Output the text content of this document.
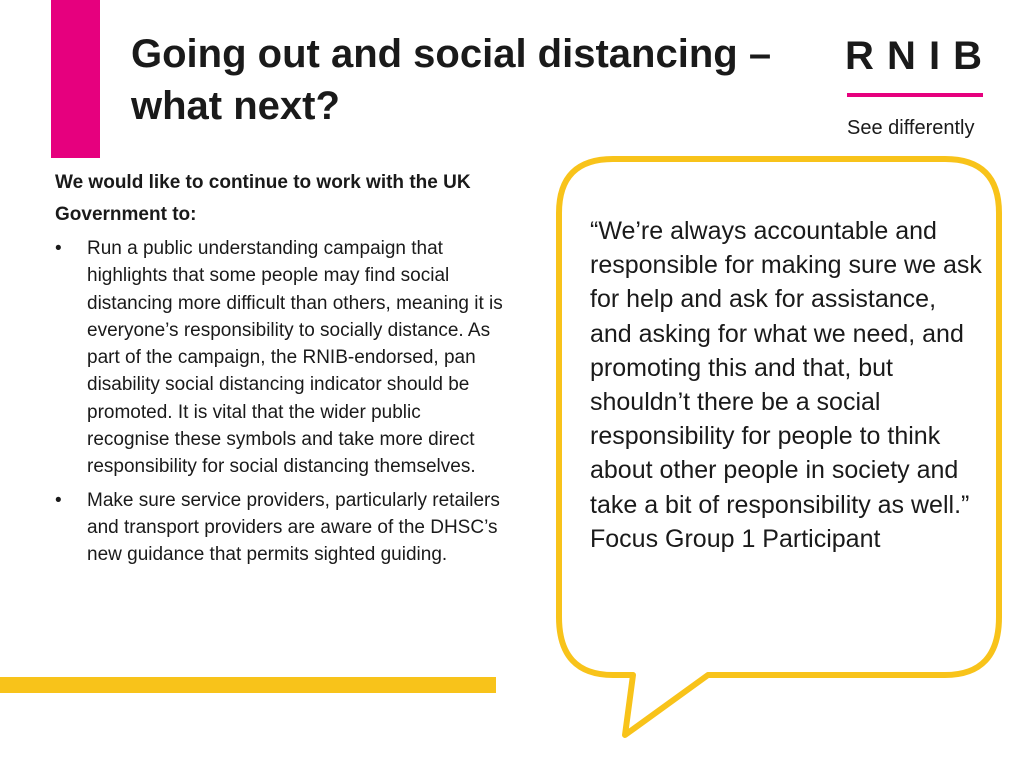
Going out and social distancing – what next?
R N I B
See differently

We would like to continue to work with the UK Government to:

•	Run a public understanding campaign that highlights that some people may find social distancing more difficult than others, meaning it is everyone’s responsibility to socially distance. As part of the campaign, the RNIB-endorsed, pan disability social distancing indicator should be promoted. It is vital that the wider public recognise these symbols and take more direct responsibility for social distancing themselves.
•	Make sure service providers, particularly retailers and transport providers are aware of the DHSC’s new guidance that permits sighted guiding.

“We’re always accountable and responsible for making sure we ask for help and ask for assistance, and asking for what we need, and promoting this and that, but shouldn’t there be a social responsibility for people to think about other people in society and take a bit of responsibility as well.” Focus Group 1 Participant
